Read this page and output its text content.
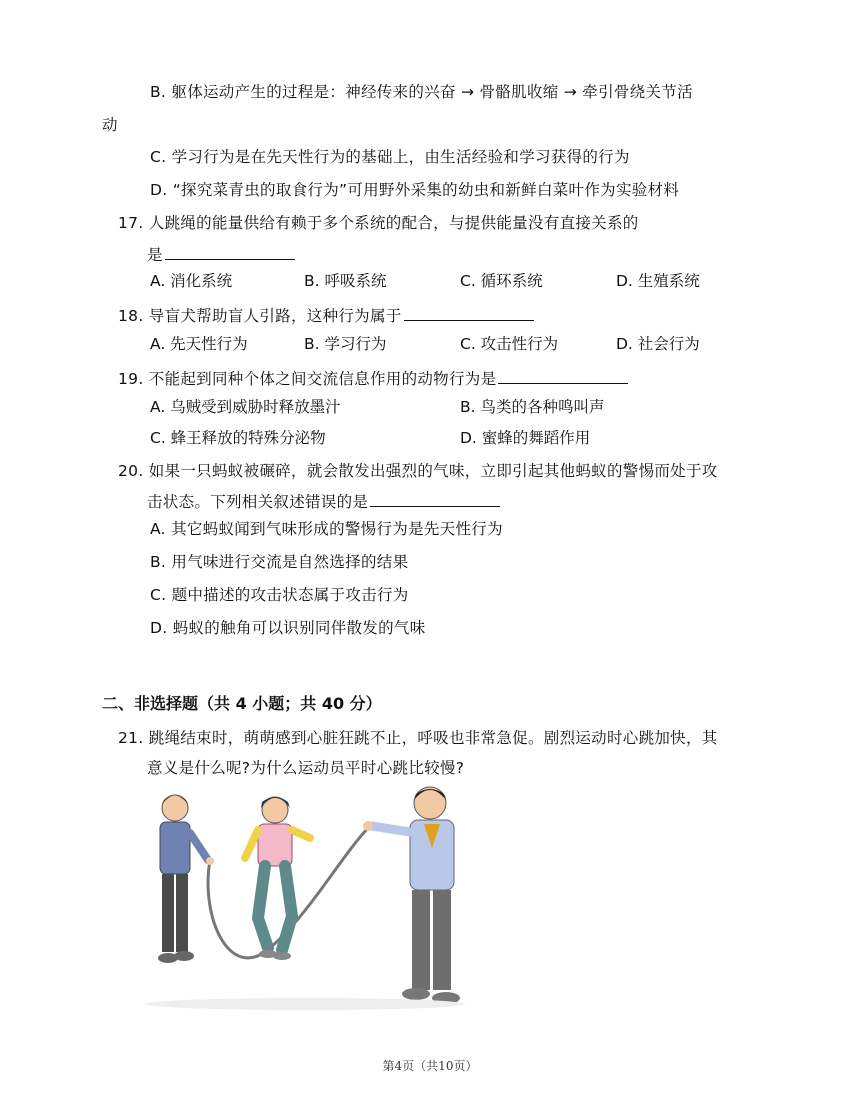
B. 躯体运动产生的过程是：神经传来的兴奋 → 骨骼肌收缩 → 牵引骨绕关节活
动
C. 学习行为是在先天性行为的基础上，由生活经验和学习获得的行为
D. “探究菜青虫的取食行为”可用野外采集的幼虫和新鲜白菜叶作为实验材料
17. 人跳绳的能量供给有赖于多个系统的配合，与提供能量没有直接关系的
是
A. 消化系统	B. 呼吸系统	C. 循环系统	D. 生殖系统
18. 导盲犬帮助盲人引路，这种行为属于
A. 先天性行为	B. 学习行为	C. 攻击性行为	D. 社会行为
19. 不能起到同种个体之间交流信息作用的动物行为是
A. 乌贼受到威胁时释放墨汁	B. 鸟类的各种鸣叫声
C. 蜂王释放的特殊分泌物	D. 蜜蜂的舞蹈作用
20. 如果一只蚂蚁被碾碎，就会散发出强烈的气味，立即引起其他蚂蚁的警惕而处于攻
击状态。下列相关叙述错误的是
A. 其它蚂蚁闻到气味形成的警惕行为是先天性行为
B. 用气味进行交流是自然选择的结果
C. 题中描述的攻击状态属于攻击行为
D. 蚂蚁的触角可以识别同伴散发的气味
二、非选择题（共 4 小题；共 40 分）
21. 跳绳结束时，萌萌感到心脏狂跳不止，呼吸也非常急促。剧烈运动时心跳加快，其
意义是什么呢?为什么运动员平时心跳比较慢?
第4页（共10页）
